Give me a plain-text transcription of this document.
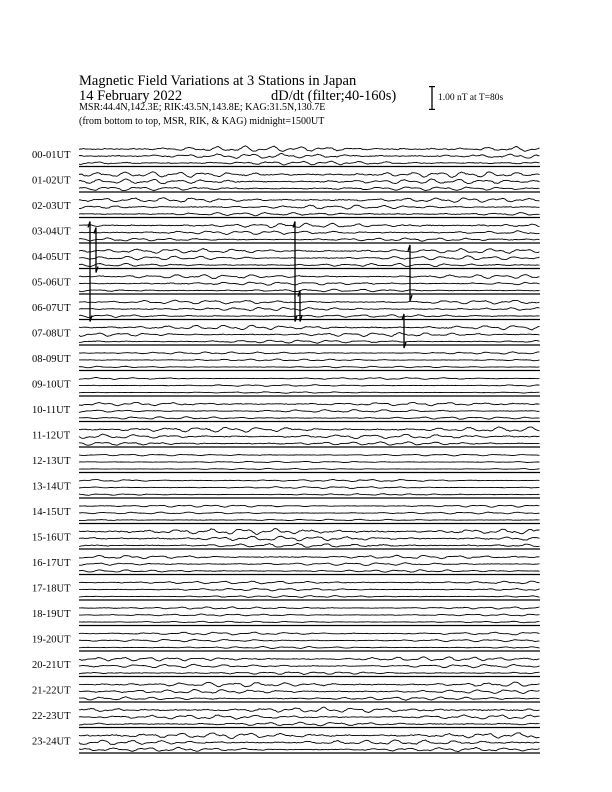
Magnetic Field Variations at 3 Stations in Japan
14 February 2022	dD/dt (filter;40-160s)
MSR:44.4N,142.3E; RIK:43.5N,143.8E; KAG:31.5N,130.7E
(from bottom to top, MSR, RIK, & KAG) midnight=1500UT
1.00 nT at T=80s
00-01UT
01-02UT
02-03UT
03-04UT
04-05UT
05-06UT
06-07UT
07-08UT
08-09UT
09-10UT
10-11UT
11-12UT
12-13UT
13-14UT
14-15UT
15-16UT
16-17UT
17-18UT
18-19UT
19-20UT
20-21UT
21-22UT
22-23UT
23-24UT
